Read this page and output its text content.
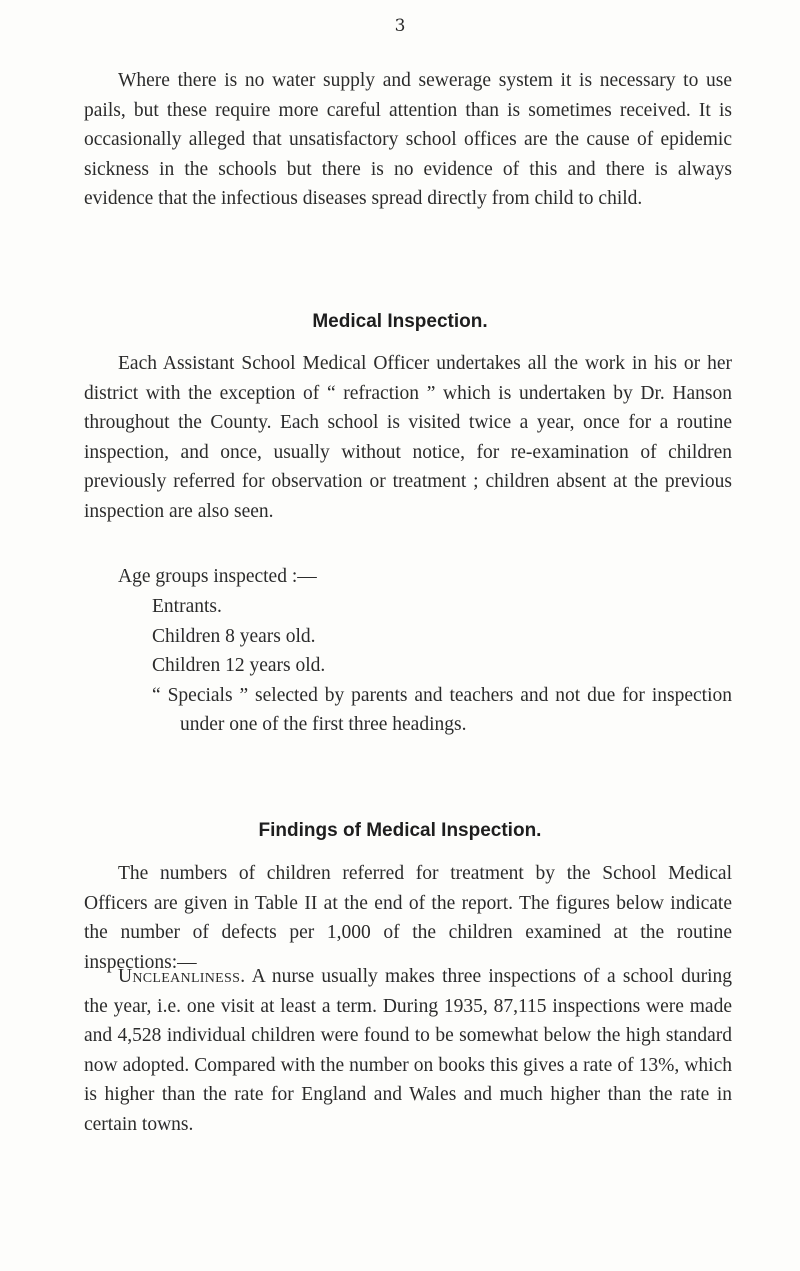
3

Where there is no water supply and sewerage system it is necessary to use pails, but these require more careful attention than is sometimes received. It is occasionally alleged that unsatisfactory school offices are the cause of epidemic sickness in the schools but there is no evidence of this and there is always evidence that the infectious diseases spread directly from child to child.

Medical Inspection.

Each Assistant School Medical Officer undertakes all the work in his or her district with the exception of “ refraction ” which is undertaken by Dr. Hanson throughout the County. Each school is visited twice a year, once for a routine inspection, and once, usually without notice, for re-examination of children previously referred for observation or treatment ; children absent at the previous inspection are also seen.

Age groups inspected :—

Entrants.
Children 8 years old.
Children 12 years old.
“ Specials ” selected by parents and teachers and not due for inspection under one of the first three headings.
Findings of Medical Inspection.

The numbers of children referred for treatment by the School Medical Officers are given in Table II at the end of the report. The figures below indicate the number of defects per 1,000 of the children examined at the routine inspections:—

Uncleanliness. A nurse usually makes three inspections of a school during the year, i.e. one visit at least a term. During 1935, 87,115 inspections were made and 4,528 individual children were found to be somewhat below the high standard now adopted. Compared with the number on books this gives a rate of 13%, which is higher than the rate for England and Wales and much higher than the rate in certain towns.
